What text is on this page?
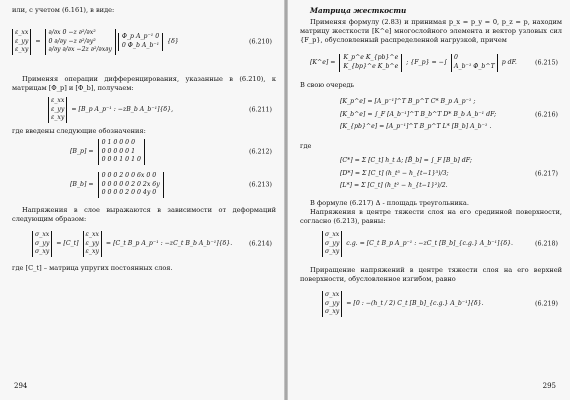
или, с учетом (6.161), в виде:

ε_xx
ε_yy
ε_xy
=
∂/∂x 0 −z ∂²/∂x²
0 ∂/∂y −z ∂²/∂y²
∂/∂y ∂/∂x −2z ∂²/∂x∂y

Φ_p A_p⁻¹ 0
0 Φ_b A_b⁻¹
{δ}	(6.210)

Применяя операции дифференцирования, указанные в (6.210), к матрицам [Φ_p] и [Φ_b], получаем:

ε_xx
ε_yy
ε_xy
= [B_p A_p⁻¹ : −zB_b A_b⁻¹]{δ},	(6.211)

где введены следующие обозначения:

[B_p] =
0 1 0 0 0 0
0 0 0 0 0 1
0 0 0 1 0 1 0
(6.212)
[B_b] =
0 0 0 2 0 0 6x 0 0
0 0 0 0 0 2 0 2x 6y
0 0 0 0 2 0 0 4y 0
(6.213)

Напряжения в слое выражаются в зависимости от деформаций следующим образом:

σ_xx
σ_yy
σ_xy
= [C_t]
ε_xx
ε_yy
ε_xy
= [C_t B_p A_p⁻¹ : −zC_t B_b A_b⁻¹]{δ}.	(6.214)

где [C_t] – матрица упругих постоянных слоя.

294
Матрица жесткости

Применяя формулу (2.83) и принимая p_x = p_y = 0, p_z = p, находим матрицу жесткости [K^e] многослойного элемента и вектор узловых сил {F_p}, обусловленный распределенной нагрузкой, причем

[K^e] =
K_p^e K_{pb}^e
K_{bp}^e K_b^e
; {F_p} = −∫
0
A_b⁻¹ Φ_b^T
p dF.	(6.215)

В свою очередь

[K_p^e] = [A_p⁻¹]^T B_p^T C* B_p A_p⁻¹ ;
[K_b^e] = ∫_F [A_b⁻¹]^T B_b^T D* B_b A_b⁻¹ dF;
[K_{pb}^e] = [A_p⁻¹]^T B_p^T L* [B_b] A_b⁻¹ .
(6.216)

где

[C*] = Σ [C_t] h_t Δ; [B̄_b] = ∫_F [B_b] dF;
[D*] = Σ [C_t] (h_t³ − h_{t−1}³)/3;
[L*] = Σ [C_t] (h_t² − h_{t−1}²)/2.
(6.217)

В формуле (6.217) Δ - площадь треугольника.

Напряжения в центре тяжести слоя на его срединной поверхности, согласно (6.213), равны:

σ_xx
σ_yy
σ_xy
c.g. = [C_t B_p A_p⁻¹ : −zC_t [B_b]_{c.g.} A_b⁻¹]{δ}.	(6.218)

Приращение напряжений в центре тяжести слоя на его верхней поверхности, обусловленное изгибом, равно

σ_xx
σ_yy
σ_xy
= [0 : −(h_t / 2) C_t [B_b]_{c.g.} A_b⁻¹]{δ}.	(6.219)
295
